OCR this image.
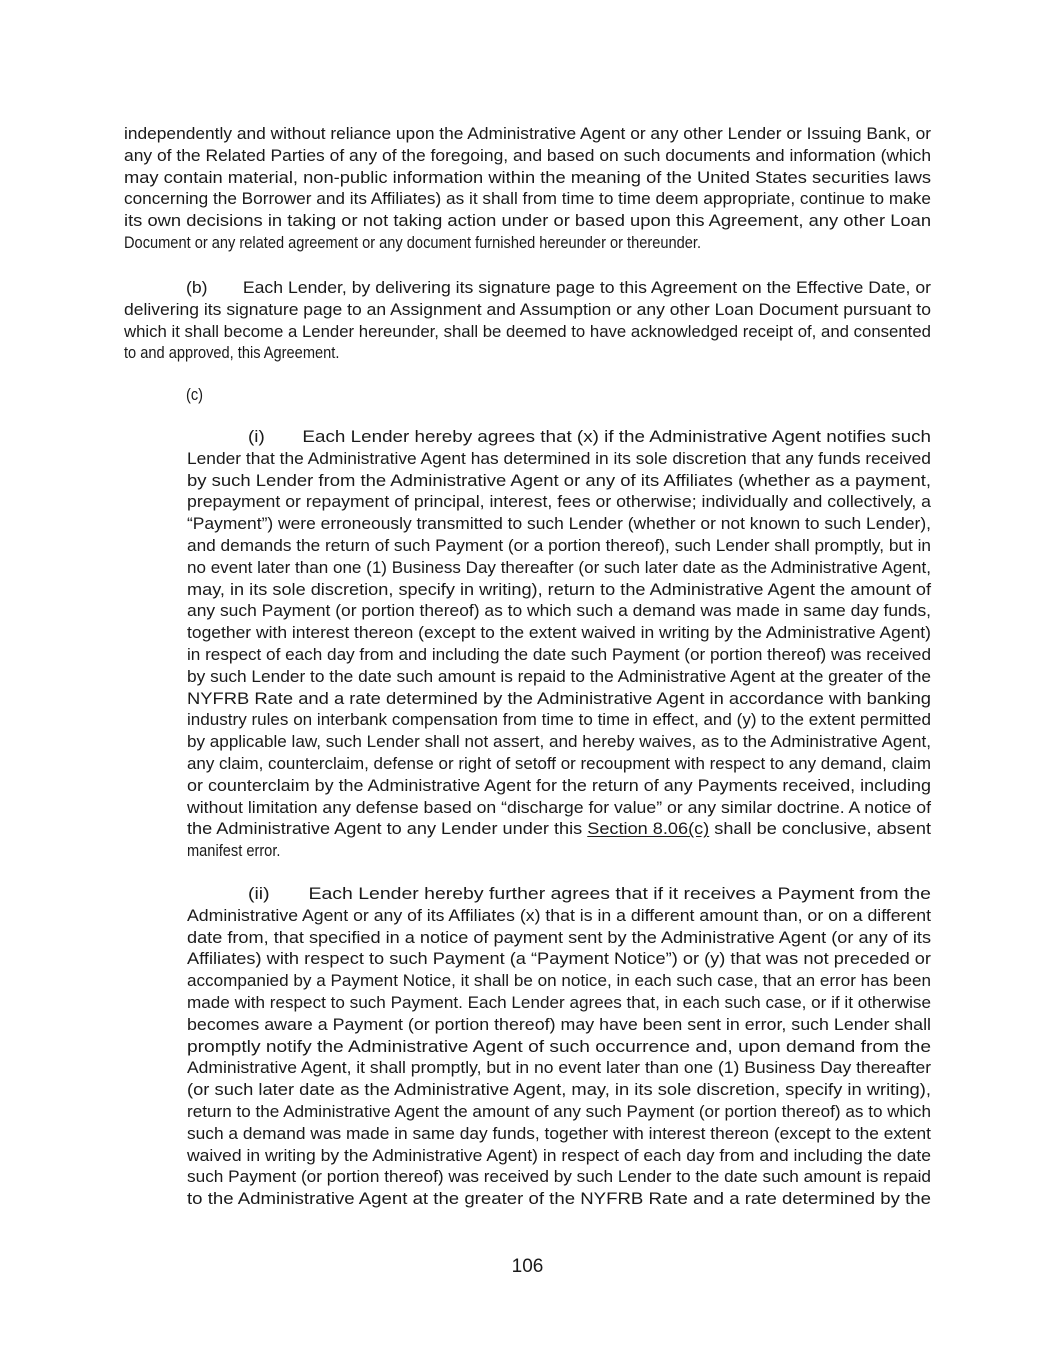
independently and without reliance upon the Administrative Agent or any other Lender or Issuing Bank, or
any of the Related Parties of any of the foregoing, and based on such documents and information (which
may contain material, non-public information within the meaning of the United States securities laws
concerning the Borrower and its Affiliates) as it shall from time to time deem appropriate, continue to make
its own decisions in taking or not taking action under or based upon this Agreement, any other Loan
Document or any related agreement or any document furnished hereunder or thereunder.
(b)  Each Lender, by delivering its signature page to this Agreement on the Effective Date, or
delivering its signature page to an Assignment and Assumption or any other Loan Document pursuant to
which it shall become a Lender hereunder, shall be deemed to have acknowledged receipt of, and consented
to and approved, this Agreement.
(c)
(i)  Each Lender hereby agrees that (x) if the Administrative Agent notifies such
Lender that the Administrative Agent has determined in its sole discretion that any funds received
by such Lender from the Administrative Agent or any of its Affiliates (whether as a payment,
prepayment or repayment of principal, interest, fees or otherwise; individually and collectively, a
“Payment”) were erroneously transmitted to such Lender (whether or not known to such Lender),
and demands the return of such Payment (or a portion thereof), such Lender shall promptly, but in
no event later than one (1) Business Day thereafter (or such later date as the Administrative Agent,
may, in its sole discretion, specify in writing), return to the Administrative Agent the amount of
any such Payment (or portion thereof) as to which such a demand was made in same day funds,
together with interest thereon (except to the extent waived in writing by the Administrative Agent)
in respect of each day from and including the date such Payment (or portion thereof) was received
by such Lender to the date such amount is repaid to the Administrative Agent at the greater of the
NYFRB Rate and a rate determined by the Administrative Agent in accordance with banking
industry rules on interbank compensation from time to time in effect, and (y) to the extent permitted
by applicable law, such Lender shall not assert, and hereby waives, as to the Administrative Agent,
any claim, counterclaim, defense or right of setoff or recoupment with respect to any demand, claim
or counterclaim by the Administrative Agent for the return of any Payments received, including
without limitation any defense based on “discharge for value” or any similar doctrine. A notice of
the Administrative Agent to any Lender under this Section 8.06(c) shall be conclusive, absent
manifest error.
(ii)  Each Lender hereby further agrees that if it receives a Payment from the
Administrative Agent or any of its Affiliates (x) that is in a different amount than, or on a different
date from, that specified in a notice of payment sent by the Administrative Agent (or any of its
Affiliates) with respect to such Payment (a “Payment Notice”) or (y) that was not preceded or
accompanied by a Payment Notice, it shall be on notice, in each such case, that an error has been
made with respect to such Payment. Each Lender agrees that, in each such case, or if it otherwise
becomes aware a Payment (or portion thereof) may have been sent in error, such Lender shall
promptly notify the Administrative Agent of such occurrence and, upon demand from the
Administrative Agent, it shall promptly, but in no event later than one (1) Business Day thereafter
(or such later date as the Administrative Agent, may, in its sole discretion, specify in writing),
return to the Administrative Agent the amount of any such Payment (or portion thereof) as to which
such a demand was made in same day funds, together with interest thereon (except to the extent
waived in writing by the Administrative Agent) in respect of each day from and including the date
such Payment (or portion thereof) was received by such Lender to the date such amount is repaid
to the Administrative Agent at the greater of the NYFRB Rate and a rate determined by the
106
